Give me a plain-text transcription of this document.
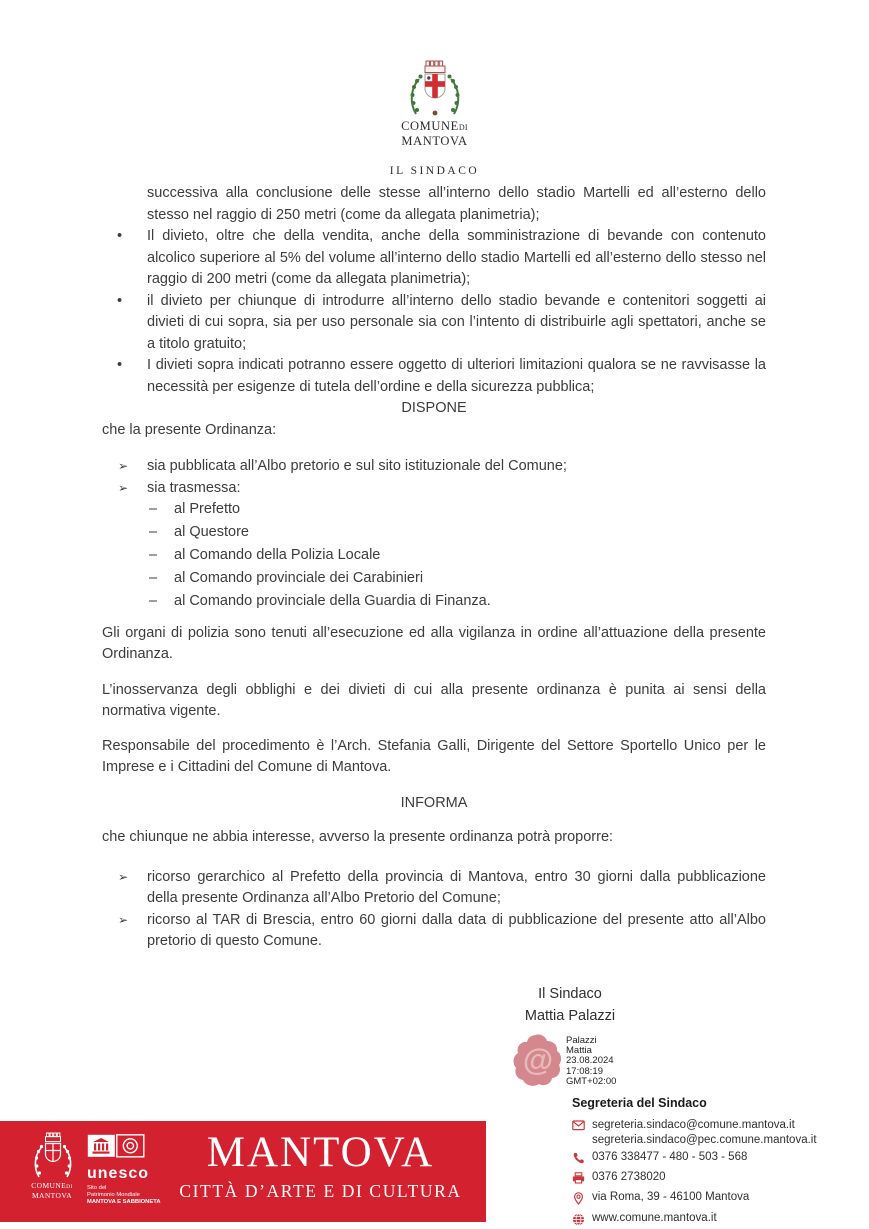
COMUNEDI
MANTOVA
IL SINDACO

successiva alla conclusione delle stesse all’interno dello stadio Martelli ed all’esterno dello stesso nel raggio di 250 metri (come da allegata planimetria);

• Il divieto, oltre che della vendita, anche della somministrazione di bevande con contenuto alcolico superiore al 5% del volume all’interno dello stadio Martelli ed all’esterno dello stesso nel raggio di 200 metri (come da allegata planimetria);
• il divieto per chiunque di introdurre all’interno dello stadio bevande e contenitori soggetti ai divieti di cui sopra, sia per uso personale sia con l’intento di distribuirle agli spettatori, anche se a titolo gratuito;
• I divieti sopra indicati potranno essere oggetto di ulteriori limitazioni qualora se ne ravvisasse la necessità per esigenze di tutela dell’ordine e della sicurezza pubblica;

DISPONE

che la presente Ordinanza:

➢ sia pubblicata all’Albo pretorio e sul sito istituzionale del Comune;
➢ sia trasmessa:
– al Prefetto
– al Questore
– al Comando della Polizia Locale
– al Comando provinciale dei Carabinieri
– al Comando provinciale della Guardia di Finanza.

Gli organi di polizia sono tenuti all’esecuzione ed alla vigilanza in ordine all’attuazione della presente Ordinanza.

L’inosservanza degli obblighi e dei divieti di cui alla presente ordinanza è punita ai sensi della normativa vigente.

Responsabile del procedimento è l’Arch. Stefania Galli, Dirigente del Settore Sportello Unico per le Imprese e i Cittadini del Comune di Mantova.

INFORMA

che chiunque ne abbia interesse, avverso la presente ordinanza potrà proporre:

➢ ricorso gerarchico al Prefetto della provincia di Mantova, entro 30 giorni dalla pubblicazione della presente Ordinanza all’Albo Pretorio del Comune;
➢ ricorso al TAR di Brescia, entro 60 giorni dalla data di pubblicazione del presente atto all’Albo pretorio di questo Comune.
Il Sindaco
Mattia Palazzi
@
Palazzi
Mattia
23.08.2024
17:08:19
GMT+02:00
Segreteria del Sindaco
segreteria.sindaco@comune.mantova.it
segreteria.sindaco@pec.comune.mantova.it
0376 338477 - 480 - 503 - 568
0376 2738020
via Roma, 39 - 46100 Mantova
www.comune.mantova.it
COMUNEDI
MANTOVA
unesco
Sito del
Patrimonio Mondiale
MANTOVA E SABBIONETA
MANTOVA
CITTÀ D’ARTE E DI CULTURA
